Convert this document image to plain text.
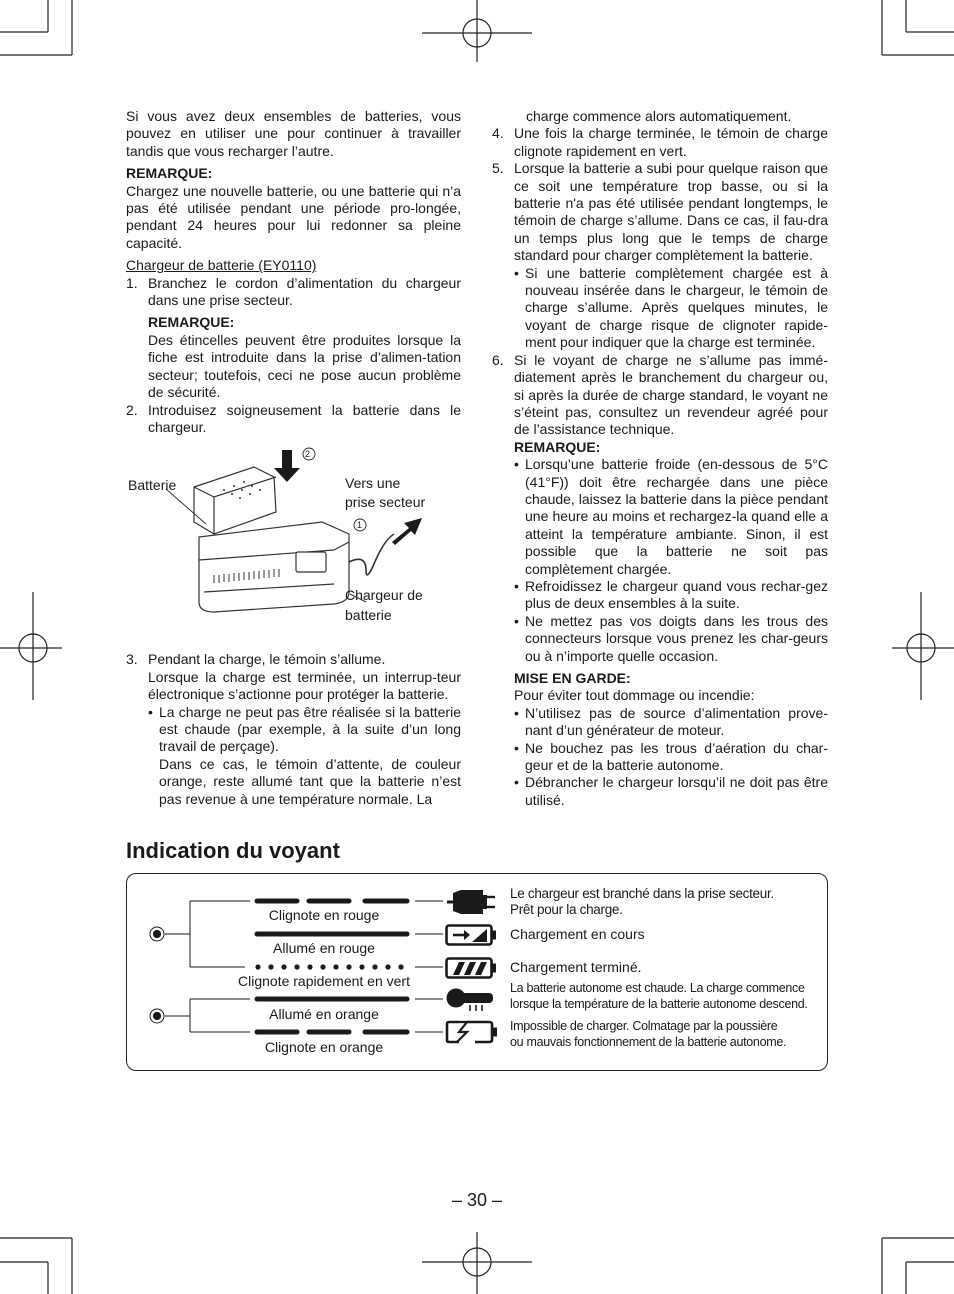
Si vous avez deux ensembles de batteries, vous pouvez en utiliser une pour continuer à travailler tandis que vous recharger l’autre.

REMARQUE:

Chargez une nouvelle batterie, ou une batterie qui n’a pas été utilisée pendant une période pro-longée, pendant 24 heures pour lui redonner sa pleine capacité.

Chargeur de batterie (EY0110)

1. Branchez le cordon d’alimentation du chargeur dans une prise secteur.

REMARQUE:

Des étincelles peuvent être produites lorsque la fiche est introduite dans la prise d’alimen-tation secteur; toutefois, ceci ne pose aucun problème de sécurité.

2. Introduisez soigneusement la batterie dans le chargeur.

Batterie	Vers une
prise secteur
Chargeur de
batterie
2
1
3. Pendant la charge, le témoin s’allume.

Lorsque la charge est terminée, un interrup-teur électronique s’actionne pour protéger la batterie.

• La charge ne peut pas être réalisée si la batterie est chaude (par exemple, à la suite d’un long travail de perçage).

Dans ce cas, le témoin d’attente, de couleur orange, reste allumé tant que la batterie n’est pas revenue à une température normale. La

charge commence alors automatiquement.

4. Une fois la charge terminée, le témoin de charge clignote rapidement en vert.

5. Lorsque la batterie a subi pour quelque raison que ce soit une température trop basse, ou si la batterie n'a pas été utilisée pendant longtemps, le témoin de charge s’allume. Dans ce cas, il fau-dra un temps plus long que le temps de charge standard pour charger complètement la batterie.

• Si une batterie complètement chargée est à nouveau insérée dans le chargeur, le témoin de charge s’allume. Après quelques minutes, le voyant de charge risque de clignoter rapide-ment pour indiquer que la charge est terminée.

6. Si le voyant de charge ne s’allume pas immé-diatement après le branchement du chargeur ou, si après la durée de charge standard, le voyant ne s’éteint pas, consultez un revendeur agréé pour de l’assistance technique.

REMARQUE:

• Lorsqu’une batterie froide (en-dessous de 5°C (41°F)) doit être rechargée dans une pièce chaude, laissez la batterie dans la pièce pendant une heure au moins et rechargez-la quand elle a atteint la température ambiante. Sinon, il est possible que la batterie ne soit pas complètement chargée.

• Refroidissez le chargeur quand vous rechar-gez plus de deux ensembles à la suite.

• Ne mettez pas vos doigts dans les trous des connecteurs lorsque vous prenez les char-geurs ou à n’importe quelle occasion.

MISE EN GARDE:

Pour éviter tout dommage ou incendie:

• N’utilisez pas de source d’alimentation prove-nant d’un générateur de moteur.

• Ne bouchez pas les trous d’aération du char-geur et de la batterie autonome.

• Débrancher le chargeur lorsqu’il ne doit pas être utilisé.

Indication du voyant
Clignote en rouge
Allumé en rouge
Clignote rapidement en vert
Allumé en orange
Clignote en orange
Le chargeur est branché dans la prise secteur.
Prêt pour la charge.
Chargement en cours
Chargement terminé.
La batterie autonome est chaude. La charge commence
lorsque la température de la batterie autonome descend.
Impossible de charger. Colmatage par la poussière
ou mauvais fonctionnement de la batterie autonome.
– 30 –
